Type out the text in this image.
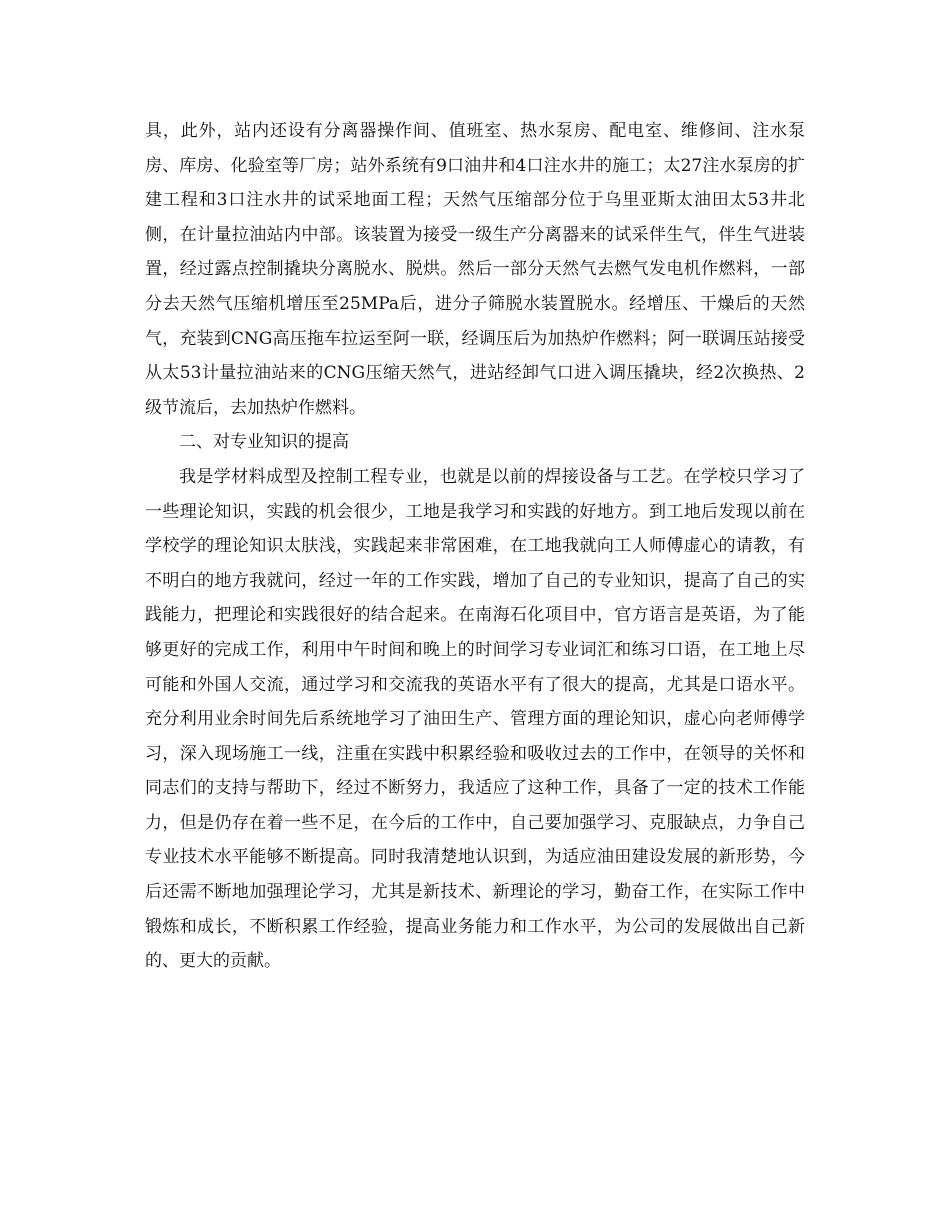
具，此外，站内还设有分离器操作间、值班室、热水泵房、配电室、维修间、注水泵房、库房、化验室等厂房；站外系统有9口油井和4口注水井的施工；太27注水泵房的扩建工程和3口注水井的试采地面工程；天然气压缩部分位于乌里亚斯太油田太53井北侧，在计量拉油站内中部。该装置为接受一级生产分离器来的试采伴生气，伴生气进装置，经过露点控制撬块分离脱水、脱烘。然后一部分天然气去燃气发电机作燃料，一部分去天然气压缩机增压至25MPa后，进分子筛脱水装置脱水。经增压、干燥后的天然气，充装到CNG高压拖车拉运至阿一联，经调压后为加热炉作燃料；阿一联调压站接受从太53计量拉油站来的CNG压缩天然气，进站经卸气口进入调压撬块，经2次换热、2级节流后，去加热炉作燃料。

二、对专业知识的提高

我是学材料成型及控制工程专业，也就是以前的焊接设备与工艺。在学校只学习了一些理论知识，实践的机会很少，工地是我学习和实践的好地方。到工地后发现以前在学校学的理论知识太肤浅，实践起来非常困难，在工地我就向工人师傅虚心的请教，有不明白的地方我就问，经过一年的工作实践，增加了自己的专业知识，提高了自己的实践能力，把理论和实践很好的结合起来。在南海石化项目中，官方语言是英语，为了能够更好的完成工作，利用中午时间和晚上的时间学习专业词汇和练习口语，在工地上尽可能和外国人交流，通过学习和交流我的英语水平有了很大的提高，尤其是口语水平。充分利用业余时间先后系统地学习了油田生产、管理方面的理论知识，虚心向老师傅学习，深入现场施工一线，注重在实践中积累经验和吸收过去的工作中，在领导的关怀和同志们的支持与帮助下，经过不断努力，我适应了这种工作，具备了一定的技术工作能力，但是仍存在着一些不足，在今后的工作中，自己要加强学习、克服缺点，力争自己专业技术水平能够不断提高。同时我清楚地认识到，为适应油田建设发展的新形势，今后还需不断地加强理论学习，尤其是新技术、新理论的学习，勤奋工作，在实际工作中锻炼和成长，不断积累工作经验，提高业务能力和工作水平，为公司的发展做出自己新的、更大的贡献。
